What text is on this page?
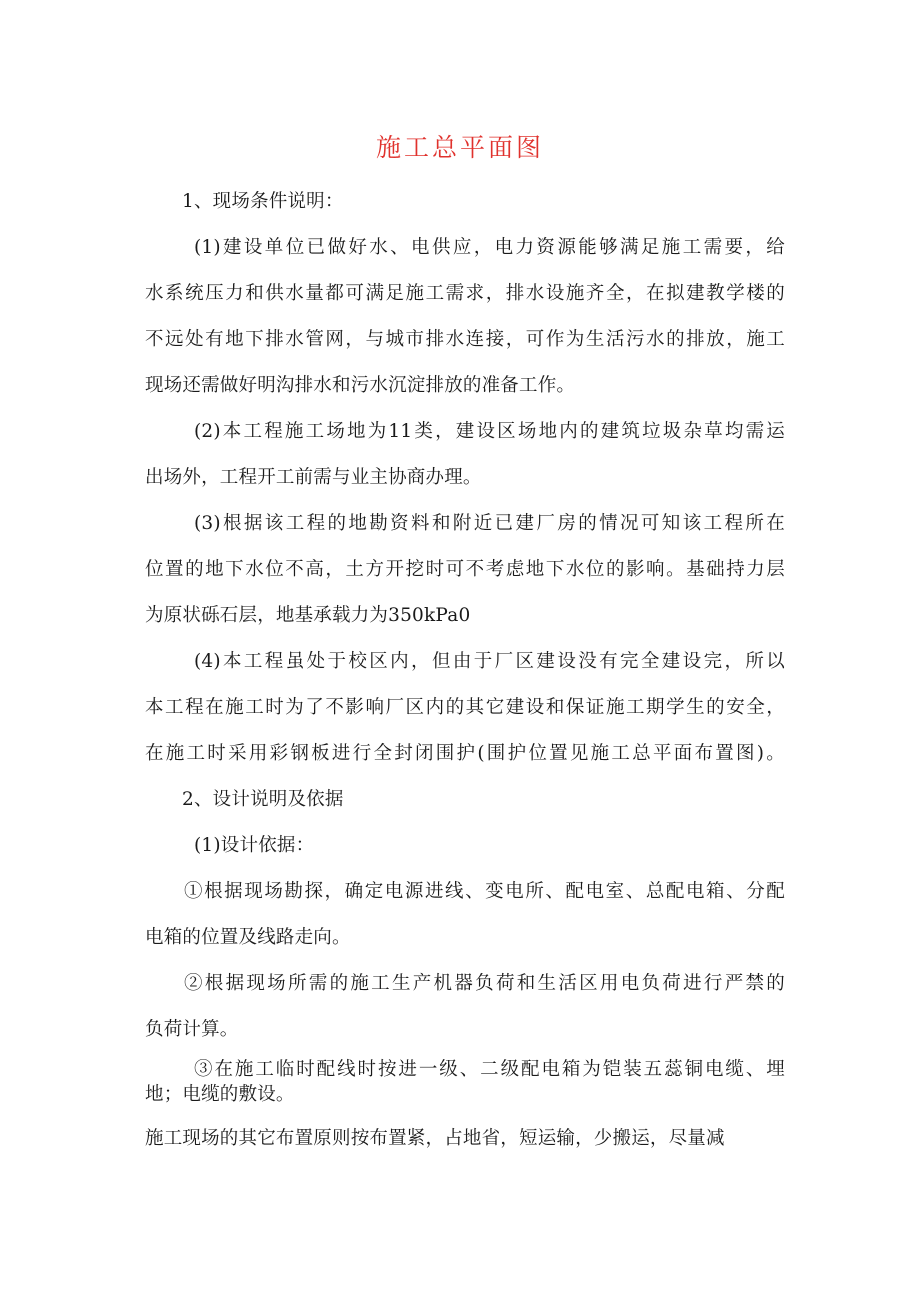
施工总平面图

1、现场条件说明：

(1)建设单位已做好水、电供应，电力资源能够满足施工需要，给

水系统压力和供水量都可满足施工需求，排水设施齐全，在拟建教学楼的

不远处有地下排水管网，与城市排水连接，可作为生活污水的排放，施工

现场还需做好明沟排水和污水沉淀排放的准备工作。

(2)本工程施工场地为11类，建设区场地内的建筑垃圾杂草均需运

出场外，工程开工前需与业主协商办理。

(3)根据该工程的地勘资料和附近已建厂房的情况可知该工程所在

位置的地下水位不高，土方开挖时可不考虑地下水位的影响。基础持力层

为原状砾石层，地基承载力为350kPa0

(4)本工程虽处于校区内，但由于厂区建设没有完全建设完，所以

本工程在施工时为了不影响厂区内的其它建设和保证施工期学生的安全，

在施工时采用彩钢板进行全封闭围护(围护位置见施工总平面布置图)。

2、设计说明及依据

(1)设计依据：

①根据现场勘探，确定电源进线、变电所、配电室、总配电箱、分配

电箱的位置及线路走向。

②根据现场所需的施工生产机器负荷和生活区用电负荷进行严禁的

负荷计算。

③在施工临时配线时按进一级、二级配电箱为铠装五蕊铜电缆、埋

地；电缆的敷设。

施工现场的其它布置原则按布置紧，占地省，短运输，少搬运，尽量减
